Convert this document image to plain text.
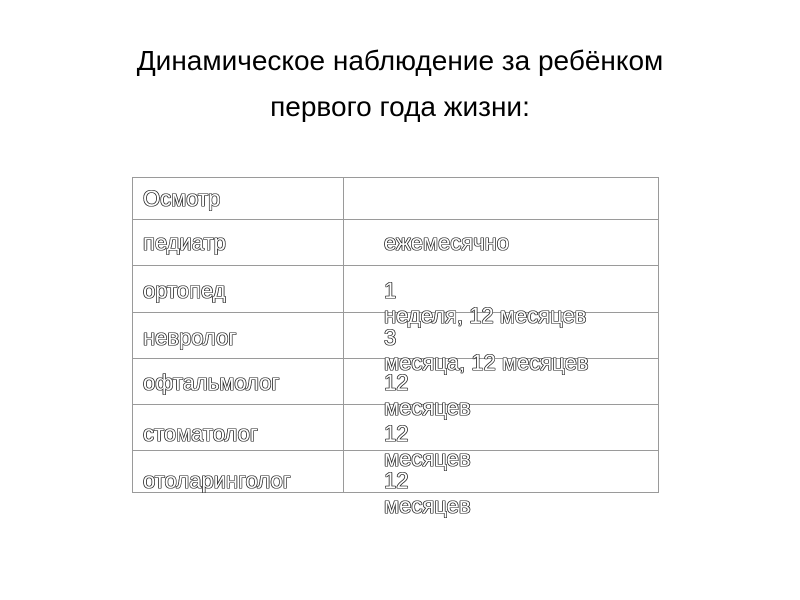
Динамическое наблюдение за ребёнком
первого года жизни:
Осмотр
педиатр	ежемесячно
ортопед	1
неделя, 12 месяцев
невролог	3
месяца, 12 месяцев
офтальмолог	12
месяцев
стоматолог	12
месяцев
отоларинголог	12
месяцев
